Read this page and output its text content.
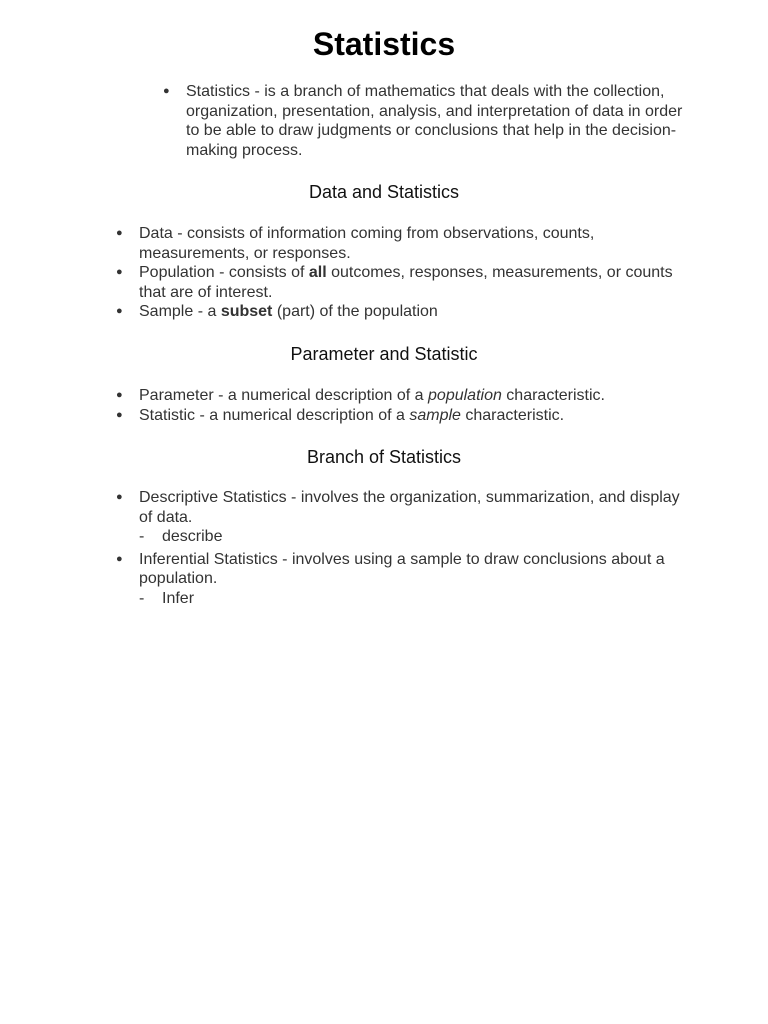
Statistics
● Statistics - is a branch of mathematics that deals with the collection, organization, presentation, analysis, and interpretation of data in order to be able to draw judgments or conclusions that help in the decision-making process.
Data and Statistics
● Data - consists of information coming from observations, counts, measurements, or responses.
● Population - consists of all outcomes, responses, measurements, or counts that are of interest.
● Sample - a subset (part) of the population
Parameter and Statistic
● Parameter - a numerical description of a population characteristic.
● Statistic - a numerical description of a sample characteristic.
Branch of Statistics
● Descriptive Statistics - involves the organization, summarization, and display of data.
- describe
● Inferential Statistics - involves using a sample to draw conclusions about a population.
- Infer
